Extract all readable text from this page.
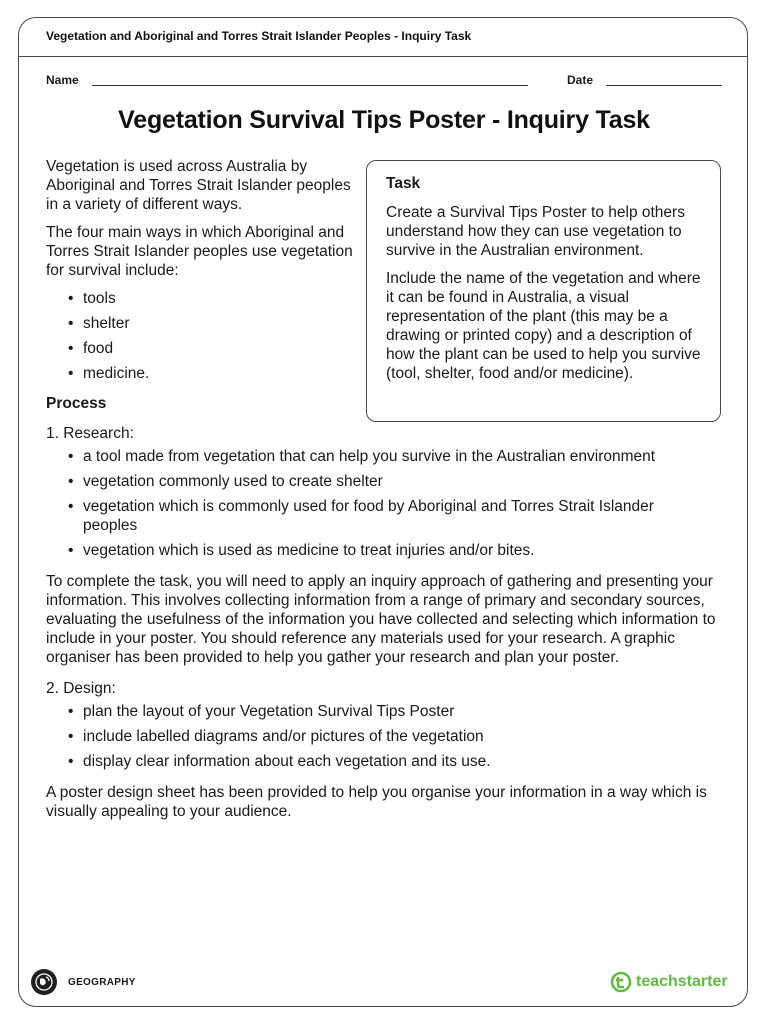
Vegetation and Aboriginal and Torres Strait Islander Peoples - Inquiry Task
Name	Date
Vegetation Survival Tips Poster - Inquiry Task

Vegetation is used across Australia by Aboriginal and Torres Strait Islander peoples in a variety of different ways.

The four main ways in which Aboriginal and Torres Strait Islander peoples use vegetation for survival include:

• tools
• shelter
• food
• medicine.
Task

Create a Survival Tips Poster to help others understand how they can use vegetation to survive in the Australian environment.

Include the name of the vegetation and where it can be found in Australia, a visual representation of the plant (this may be a drawing or printed copy) and a description of how the plant can be used to help you survive (tool, shelter, food and/or medicine).

Process

1. Research:

• a tool made from vegetation that can help you survive in the Australian environment
• vegetation commonly used to create shelter
• vegetation which is commonly used for food by Aboriginal and Torres Strait Islander peoples
• vegetation which is used as medicine to treat injuries and/or bites.

To complete the task, you will need to apply an inquiry approach of gathering and presenting your information. This involves collecting information from a range of primary and secondary sources, evaluating the usefulness of the information you have collected and selecting which information to include in your poster. You should reference any materials used for your research. A graphic organiser has been provided to help you gather your research and plan your poster.

2. Design:

• plan the layout of your Vegetation Survival Tips Poster
• include labelled diagrams and/or pictures of the vegetation
• display clear information about each vegetation and its use.

A poster design sheet has been provided to help you organise your information in a way which is visually appealing to your audience.

GEOGRAPHY	teachstarter
